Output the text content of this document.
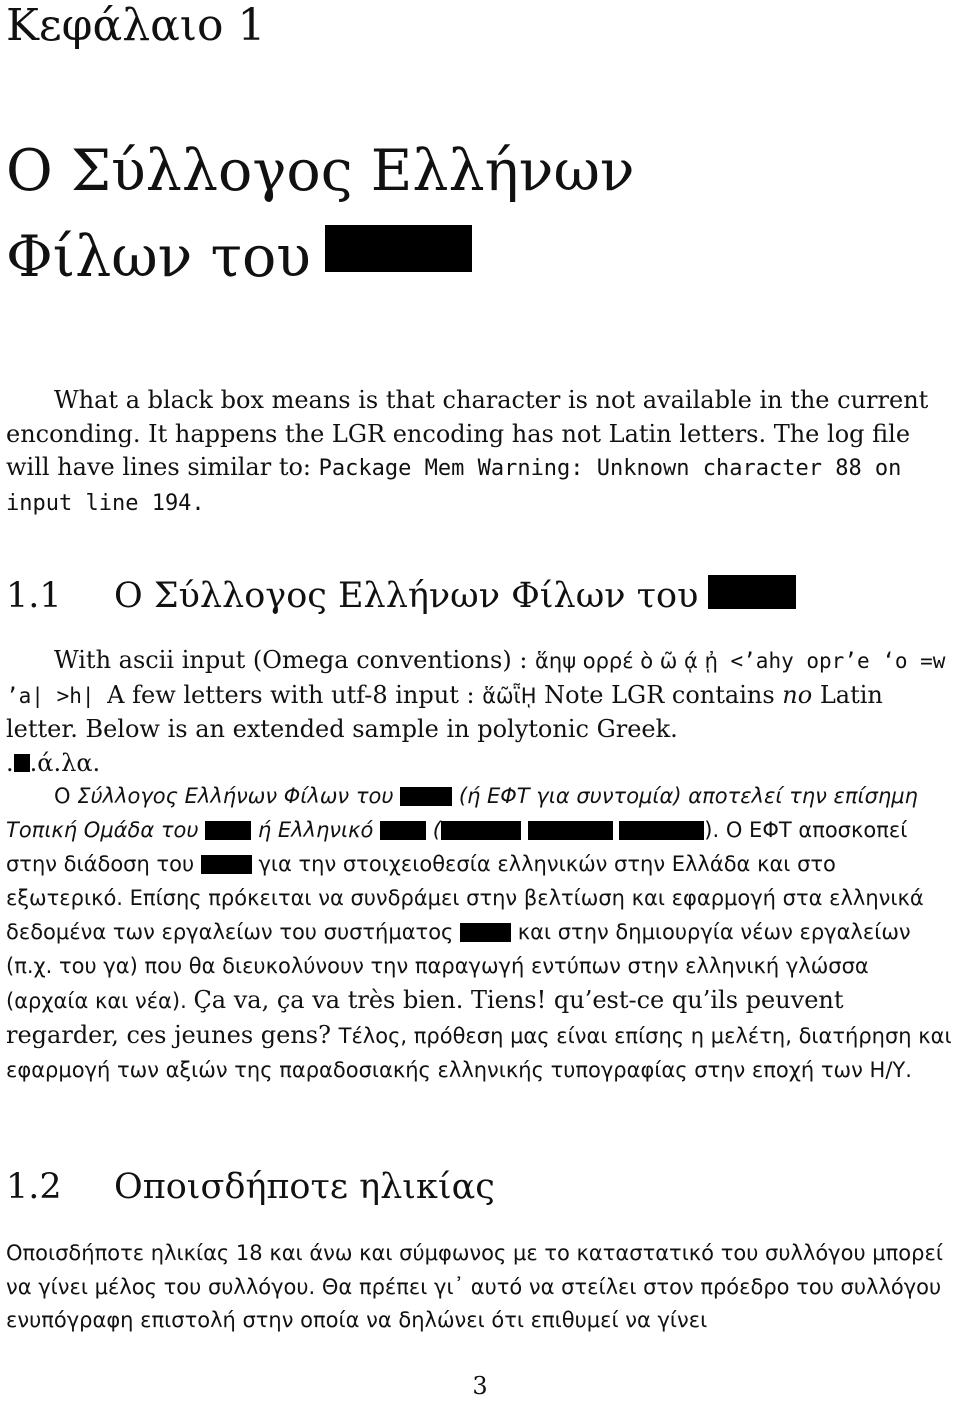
Κεφάλαιο 1
Ο Σύλλογος Ελλήνων
Φίλων του
What a black box means is that character is not available in the current enconding. It happens the LGR encoding has not Latin letters. The log file will have lines similar to: Package Mem Warning: Unknown character 88 on input line 194.
1.1 Ο Σύλλογος Ελλήνων Φίλων του
With ascii input (Omega conventions) : ἅηψ ορρέ ὸ ῶ ᾴ ᾐ <’ahy opr’e ‘o =w ’a| >h| A few letters with utf-8 input : ἅῶῗῌ Note LGR contains no Latin letter. Below is an extended sample in polytonic Greek.
. .ά.λα.
Ο Σύλλογος Ελλήνων Φίλων του  (ή ΕΦΤ για συντομία) αποτελεί την επίσημη Τοπική Ομάδα του  ή Ελληνικό  (	). Ο ΕΦΤ αποσκοπεί στην διάδοση του  για την στοιχειοθεσία ελληνικών στην Ελλάδα και στο εξωτερικό. Επίσης πρόκειται να συνδράμει στην βελτίωση και εφαρμογή στα ελληνικά δεδομένα των εργαλείων του συστήματος  και στην δημιουργία νέων εργαλείων (π.χ. του γα) που θα διευκολύνουν την παραγωγή εντύπων στην ελληνική γλώσσα (αρχαία και νέα). Ça va, ça va très bien. Tiens! qu’est-ce qu’ils peuvent regarder, ces jeunes gens? Τέλος, πρόθεση μας είναι επίσης η μελέτη, διατήρηση και εφαρμογή των αξιών της παραδοσιακής ελληνικής τυπογραφίας στην εποχή των Η/Υ.
1.2 Οποισδήποτε ηλικίας
Οποισδήποτε ηλικίας 18 και άνω και σύμφωνος με το καταστατικό του συλλόγου μπορεί να γίνει μέλος του συλλόγου. Θα πρέπει γι᾽ αυτό να στείλει στον πρόεδρο του συλλόγου ενυπόγραφη επιστολή στην οποία να δηλώνει ότι επιθυμεί να γίνει
3
